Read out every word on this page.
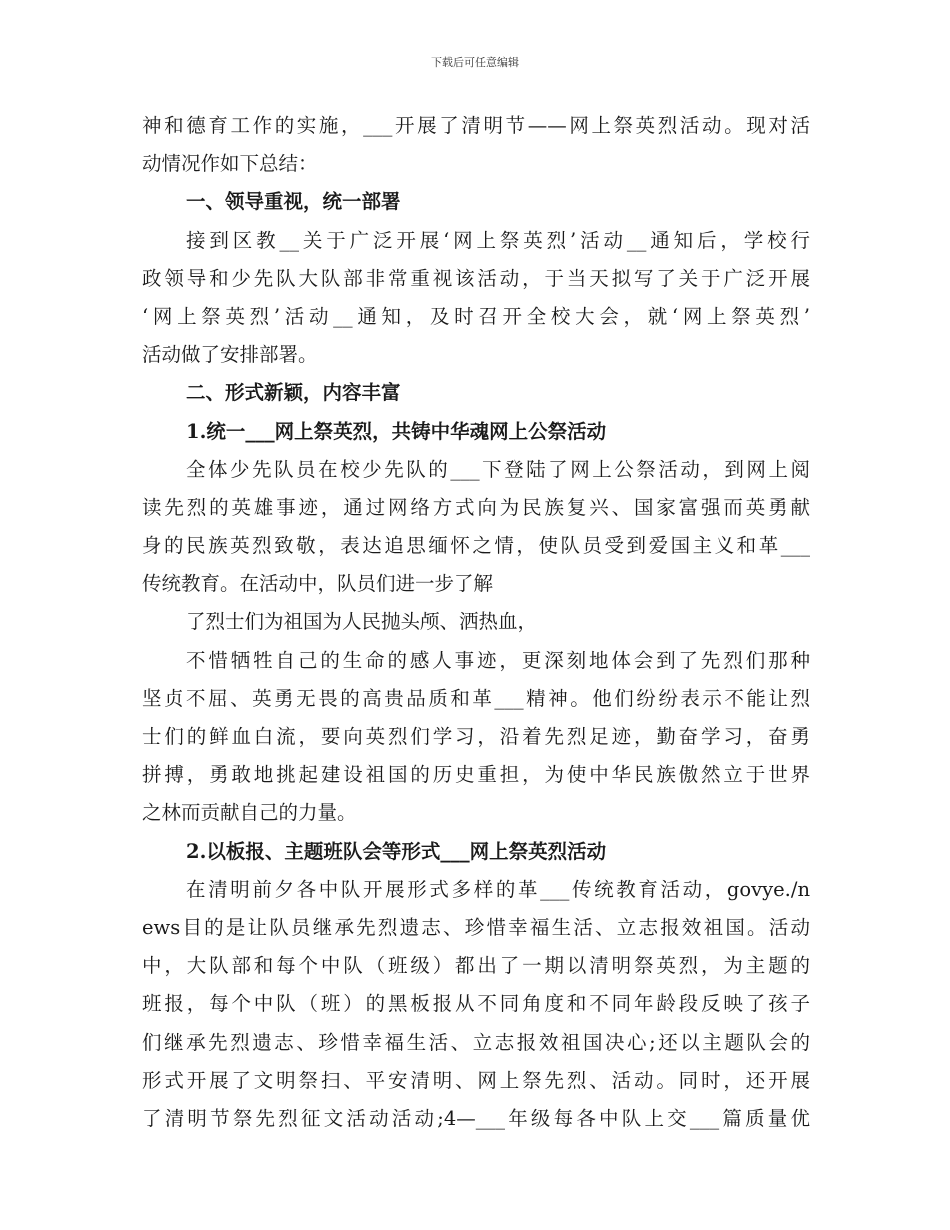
下载后可任意编辑
神和德育工作的实施，___开展了清明节——网上祭英烈活动。现对活
动情况作如下总结：
一、领导重视，统一部署
接到区教__关于广泛开展‘网上祭英烈’活动__通知后，学校行
政领导和少先队大队部非常重视该活动，于当天拟写了关于广泛开展
‘网上祭英烈’活动__通知，及时召开全校大会，就‘网上祭英烈’
活动做了安排部署。
二、形式新颖，内容丰富
1.统一___网上祭英烈，共铸中华魂网上公祭活动
全体少先队员在校少先队的___下登陆了网上公祭活动，到网上阅
读先烈的英雄事迹，通过网络方式向为民族复兴、国家富强而英勇献
身的民族英烈致敬，表达追思缅怀之情，使队员受到爱国主义和革___
传统教育。在活动中，队员们进一步了解
了烈士们为祖国为人民抛头颅、洒热血，
不惜牺牲自己的生命的感人事迹，更深刻地体会到了先烈们那种
坚贞不屈、英勇无畏的高贵品质和革___精神。他们纷纷表示不能让烈
士们的鲜血白流，要向英烈们学习，沿着先烈足迹，勤奋学习，奋勇
拼搏，勇敢地挑起建设祖国的历史重担，为使中华民族傲然立于世界
之林而贡献自己的力量。
2.以板报、主题班队会等形式___网上祭英烈活动
在清明前夕各中队开展形式多样的革___传统教育活动，govye./n
ews目的是让队员继承先烈遗志、珍惜幸福生活、立志报效祖国。活动
中，大队部和每个中队（班级）都出了一期以清明祭英烈，为主题的
班报，每个中队（班）的黑板报从不同角度和不同年龄段反映了孩子
们继承先烈遗志、珍惜幸福生活、立志报效祖国决心;还以主题队会的
形式开展了文明祭扫、平安清明、网上祭先烈、活动。同时，还开展
了清明节祭先烈征文活动活动;4—___年级每各中队上交___篇质量优
